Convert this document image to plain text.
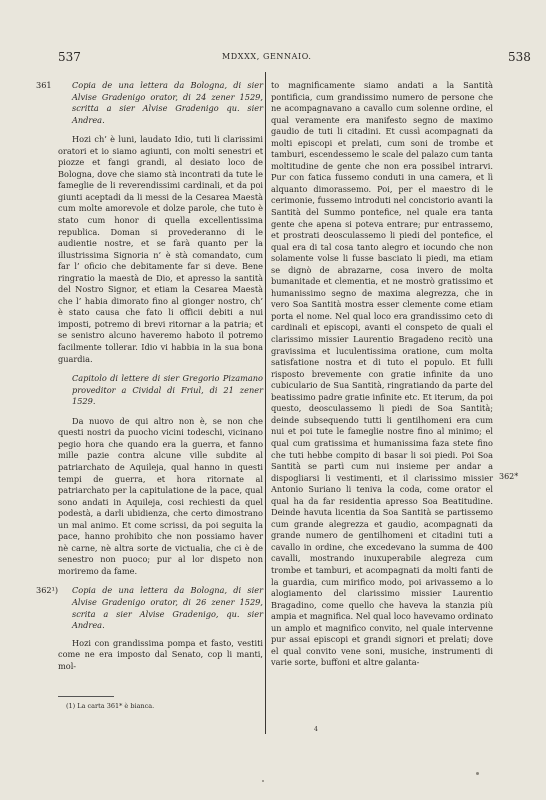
537	MDXXX, GENNAIO.	538
361	Copia de una lettera da Bologna, di sier Alvise Gradenigo orator, di 24 zener 1529, scritta a sier Alvise Gradenigo qu. sier Andrea.

Hozi ch’ è luni, laudato Idio, tuti li clarissimi oratori et io siamo agiunti, con molti senestri et piozze et fangi grandi, al desiato loco de Bologna, dove che siamo stà incontrati da tute le fameglie de li reverendissimi cardinali, et da poi giunti aceptadi da li messi de la Cesarea Maestà cum molte amorevole et dolze parole, che tuto è stato cum honor di quella excellentissima republica. Doman si provederanno di le audientie nostre, et se farà quanto per la illustrissima Signoria n’ è stà comandato, cum far l’ oficio che debitamente far si deve. Bene ringratio la maestà de Dio, et apresso la santità del Nostro Signor, et etiam la Cesarea Maestà che l’ habia dimorato fino al gionger nostro, ch’ è stato causa che fato li officii debiti a nui imposti, potremo di brevi ritornar a la patria; et se senistro alcuno haveremo haboto il potremo facilmente tollerar. Idio vi habbia in la sua bona guardia.

Capitolo di lettere di sier Gregorio Pizamano proveditor a Cividal di Friul, di 21 zener 1529.

Da nuovo de qui altro non è, se non che questi nostri da puocho vicini todeschi, vicinano pegio hora che quando era la guerra, et fanno mille pazie contra alcune ville subdite al patriarchato de Aquileja, qual hanno in questi tempi de guerra, et hora ritornate al patriarchato per la capitulatione de la pace, qual sono andati in Aquileja, cosi rechiesti da quel podestà, a darli ubidienza, che certo dimostrano un mal animo. Et come scrissi, da poi seguita la pace, hanno prohibito che non possiamo haver nè carne, nè altra sorte de victualia, che ci è de senestro non puoco; pur al lor dispeto non moriremo da fame.

362¹)	Copia de una lettera da Bologna, di sier Alvise Gradenigo orator, di 26 zener 1529, scrita a sier Alvise Gradenigo, qu. sier Andrea.

Hozi con grandissima pompa et fasto, vestiti come ne era imposto dal Senato, cop li manti, mol-

to magnificamente siamo andati a la Santità pontificia, cum grandissimo numero de persone che ne acompagnavano a cavallo cum solenne ordine, el qual veramente era manifesto segno de maximo gaudio de tuti li citadini. Et cussì acompagnati da molti episcopi et prelati, cum soni de trombe et tamburi, escendessemo le scale del palazo cum tanta moltitudine de gente che non era possibel intrarvi. Pur con fatica fussemo conduti in una camera, et lì alquanto dimorassemo. Poi, per el maestro di le cerimonie, fussemo introduti nel concistorio avanti la Santità del Summo pontefice, nel quale era tanta gente che apena si poteva entrare; pur entrassemo, et prostrati deosculassemo li piedi del pontefice, el qual era di tal cosa tanto alegro et iocundo che non solamente volse li fusse basciato li piedi, ma etiam se dignò de abrazarne, cosa invero de molta bumanitade et clementia, et ne mostrò gratissimo et humanissimo segno de maxima alegrezza, che in vero Soa Santità mostra esser clemente come etiam porta el nome. Nel qual loco era grandissimo ceto di cardinali et episcopi, avanti el conspeto de quali el clarissimo missier Laurentio Bragadeno recitò una gravissima et luculentissima oratione, cum molta satisfatione nostra et di tuto el populo. Et fulli risposto brevemente con gratie infinite da uno cubiculario de Sua Santità, ringratiando da parte del beatissimo padre gratie infinite etc. Et iterum, da poi questo, deosculassemo li piedi de Soa Santità; deinde subsequendo tutti li gentilhomeni era cum nui et poi tute le fameglie nostre fino al minimo; el qual cum gratissima et humanissima faza stete fino che tuti hebbe compito di basar li soi piedi. Poi Soa Santità se partì cum nui insieme per andar a dispogliarsi li vestimenti, et il clarissimo missier Antonio Suriano li teniva la coda, come orator el qual ha da far residentia apresso Soa Beatitudine. Deinde havuta licentia da Soa Santità se partissemo cum grande alegrezza et gaudio, acompagnati da grande numero de gentilhomeni et citadini tuti a cavallo in ordine, che excedevano la summa de 400 cavalli, mostrando inuxuperabile alegreza cum trombe et tamburi, et acompagnati da molti fanti de la guardia, cum mirifico modo, poi arivassemo a lo alogiamento del clarissimo missier Laurentio Bragadino, come quello che haveva la stanzia più ampia et magnifica. Nel qual loco havevamo ordinato un amplo et magnifico convito, nel quale intervenne pur assai episcopi et grandi signori et prelati; dove el qual convito vene soni, musiche, instrumenti di varie sorte, buffoni et altre galanta-

362*
(1) La carta 361* è bianca.
4
